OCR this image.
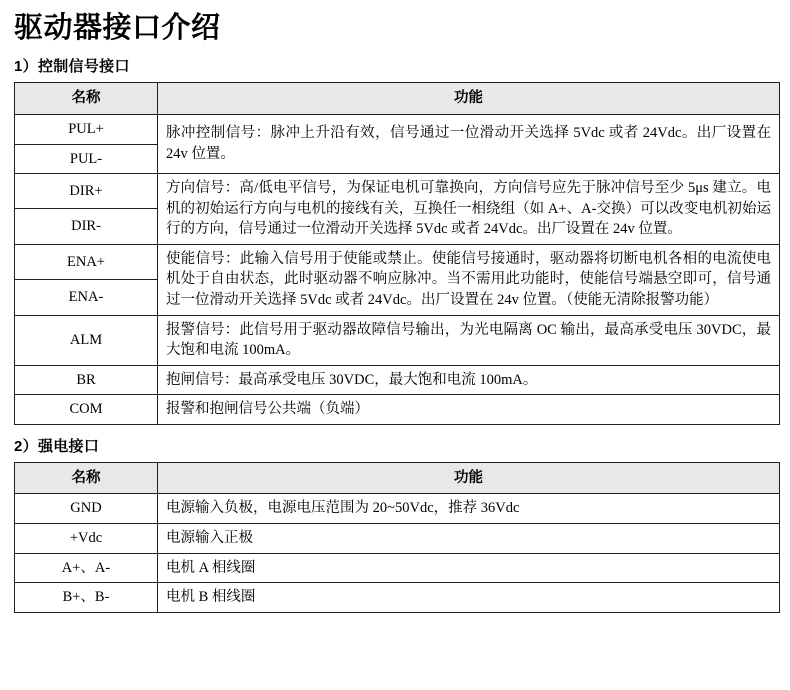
驱动器接口介绍
1）控制信号接口
名称	功能
PUL+	脉冲控制信号：脉冲上升沿有效，信号通过一位滑动开关选择 5Vdc 或者 24Vdc。出厂设置在 24v 位置。
PUL-	
DIR+	方向信号：高/低电平信号，为保证电机可靠换向，方向信号应先于脉冲信号至少 5μs 建立。电机的初始运行方向与电机的接线有关，互换任一相绕组（如 A+、A-交换）可以改变电机初始运行的方向，信号通过一位滑动开关选择 5Vdc 或者 24Vdc。出厂设置在 24v 位置。
DIR-	
ENA+	使能信号：此输入信号用于使能或禁止。使能信号接通时，驱动器将切断电机各相的电流使电机处于自由状态，此时驱动器不响应脉冲。当不需用此功能时，使能信号端悬空即可，信号通过一位滑动开关选择 5Vdc 或者 24Vdc。出厂设置在 24v 位置。（使能无清除报警功能）
ENA-	
ALM	报警信号：此信号用于驱动器故障信号输出，为光电隔离 OC 输出，最高承受电压 30VDC，最大饱和电流 100mA。
BR	抱闸信号：最高承受电压 30VDC，最大饱和电流 100mA。
COM	报警和抱闸信号公共端（负端）
2）强电接口
名称	功能
GND	电源输入负极，电源电压范围为 20~50Vdc，推荐 36Vdc
+Vdc	电源输入正极
A+、A-	电机 A 相线圈
B+、B-	电机 B 相线圈
